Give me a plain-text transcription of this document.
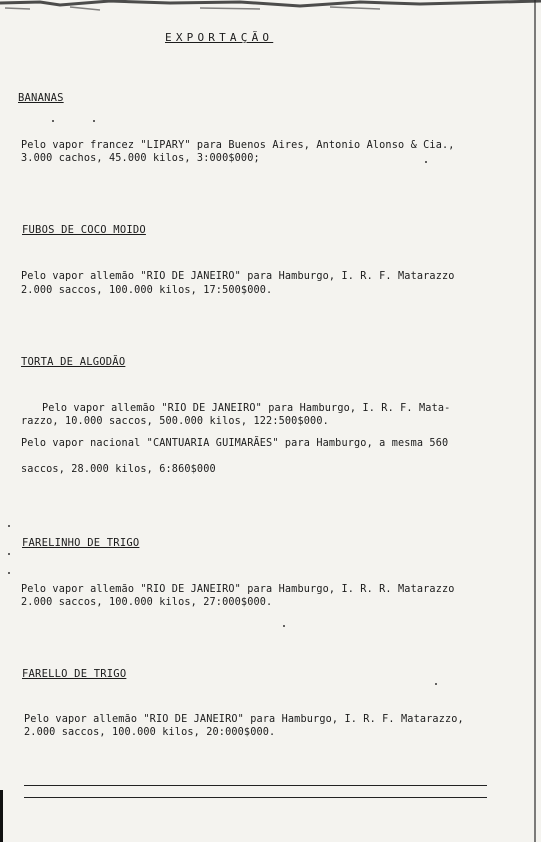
EXPORTAÇÃO
BANANAS
Pelo vapor francez "LIPARY" para Buenos Aires, Antonio Alonso & Cia.,
3.000 cachos, 45.000 kilos, 3:000$000;
FUBOS DE COCO MOIDO
Pelo vapor allemão "RIO DE JANEIRO" para Hamburgo, I. R. F. Matarazzo
2.000 saccos, 100.000 kilos, 17:500$000.
TORTA DE ALGODÃO
Pelo vapor allemão "RIO DE JANEIRO" para Hamburgo, I. R. F. Mata-
razzo, 10.000 saccos, 500.000 kilos, 122:500$000.
Pelo vapor nacional "CANTUARIA GUIMARÃES" para Hamburgo, a mesma 560
saccos, 28.000 kilos, 6:860$000
FARELINHO DE TRIGO
Pelo vapor allemão "RIO DE JANEIRO" para Hamburgo, I. R. R. Matarazzo
2.000 saccos, 100.000 kilos, 27:000$000.
FARELLO DE TRIGO
Pelo vapor allemão "RIO DE JANEIRO" para Hamburgo, I. R. F. Matarazzo,
2.000 saccos, 100.000 kilos, 20:000$000.
